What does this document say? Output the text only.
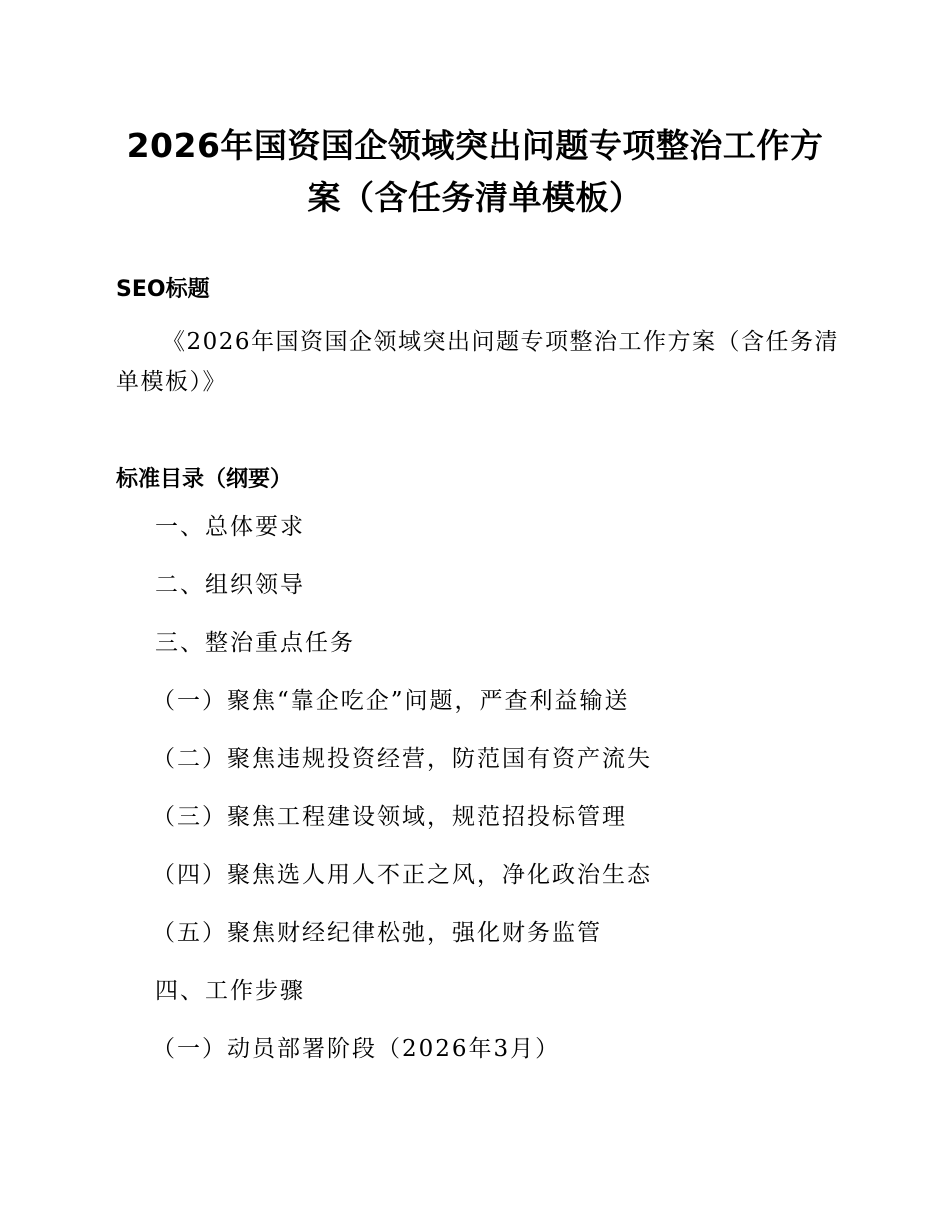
2026年国资国企领域突出问题专项整治工作方
案（含任务清单模板）
SEO标题

《2026年国资国企领域突出问题专项整治工作方案（含任务清
单模板）》

标准目录（纲要）

一、总体要求

二、组织领导

三、整治重点任务

（一）聚焦“靠企吃企”问题，严查利益输送

（二）聚焦违规投资经营，防范国有资产流失

（三）聚焦工程建设领域，规范招投标管理

（四）聚焦选人用人不正之风，净化政治生态

（五）聚焦财经纪律松弛，强化财务监管

四、工作步骤

（一）动员部署阶段（2026年3月）
